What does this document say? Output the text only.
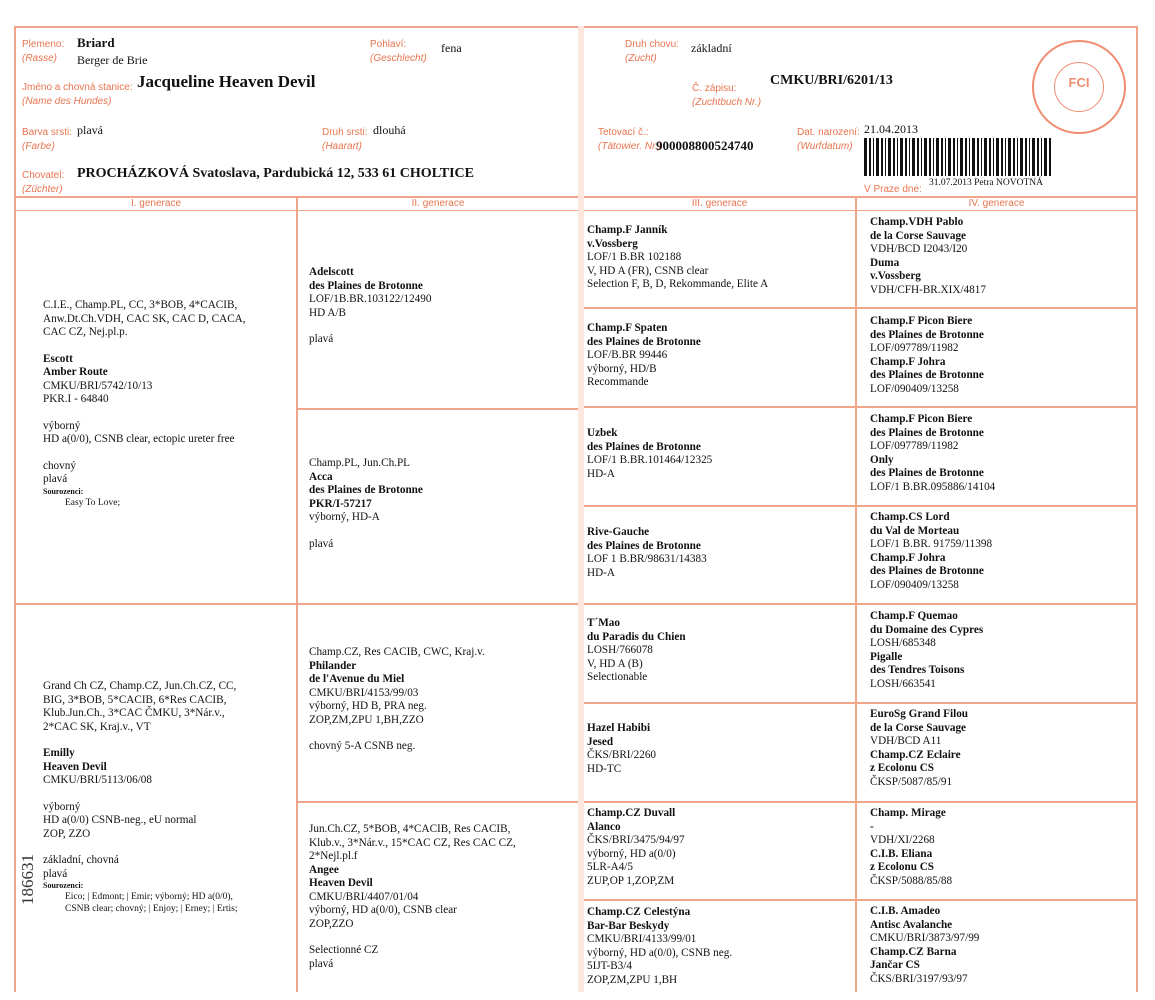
Plemeno:
(Rasse)
Briard
Berger de Brie
Pohlaví:
(Geschlecht)
fena	Druh chovu:
(Zucht)
základní
Jméno a chovná stanice:
(Name des Hundes)
Jacqueline Heaven Devil	Č. zápisu:
(Zuchtbuch Nr.)
CMKU/BRI/6201/13	FCI
Barva srsti:
(Farbe)
plavá	Druh srsti:
(Haarart)
dlouhá	Tetovací č.:
(Tätowier. Nr.)
900008800524740
Dat. narození:
(Wurfdatum)
21.04.2013
Chovatel:
(Züchter)
PROCHÁZKOVÁ Svatoslava, Pardubická 12, 533 61 CHOLTICE
V Praze dne:
31.07.2013 Petra NOVOTNÁ
I. generace	II. generace	III. generace	IV. generace
C.I.E., Champ.PL, CC, 3*BOB, 4*CACIB,
Anw.Dt.Ch.VDH, CAC SK, CAC D, CACA,
CAC CZ, Nej.pl.p.
Escott
Amber Route
CMKU/BRI/5742/10/13
PKR.I - 64840
výborný
HD a(0/0), CSNB clear, ectopic ureter free
chovný
plavá
Sourozenci:
Easy To Love;
Grand Ch CZ, Champ.CZ, Jun.Ch.CZ, CC,
BIG, 3*BOB, 5*CACIB, 6*Res CACIB,
Klub.Jun.Ch., 3*CAC ČMKU, 3*Nár.v.,
2*CAC SK, Kraj.v., VT
Emilly
Heaven Devil
CMKU/BRI/5113/06/08
výborný
HD a(0/0) CSNB-neg., eU normal
ZOP, ZZO
základní, chovná
plavá
Sourozenci:
Eico; | Edmont; | Emir; výborný; HD a(0/0),
CSNB clear; chovný; | Enjoy; | Erney; | Ertis;
186631
Adelscott
des Plaines de Brotonne
LOF/1B.BR.103122/12490
HD A/B
plavá
Champ.PL, Jun.Ch.PL
Acca
des Plaines de Brotonne
PKR/I-57217
výborný, HD-A
plavá
Champ.CZ, Res CACIB, CWC, Kraj.v.
Philander
de l'Avenue du Miel
CMKU/BRI/4153/99/03
výborný, HD B, PRA neg.
ZOP,ZM,ZPU 1,BH,ZZO
chovný 5-A CSNB neg.
Jun.Ch.CZ, 5*BOB, 4*CACIB, Res CACIB,
Klub.v., 3*Nár.v., 15*CAC CZ, Res CAC CZ,
2*Nejl.pl.f
Angee
Heaven Devil
CMKU/BRI/4407/01/04
výborný, HD a(0/0), CSNB clear
ZOP,ZZO
Selectionné CZ
plavá
Champ.F Janník
v.Vossberg
LOF/1 B.BR 102188
V, HD A (FR), CSNB clear
Selection F, B, D, Rekommande, Elite A
Champ.F Spaten
des Plaines de Brotonne
LOF/B.BR 99446
výborný, HD/B
Recommande
Uzbek
des Plaines de Brotonne
LOF/1 B.BR.101464/12325
HD-A
Rive-Gauche
des Plaines de Brotonne
LOF 1 B.BR/98631/14383
HD-A
T´Mao
du Paradis du Chien
LOSH/766078
V, HD A (B)
Selectionable
Hazel Habibi
Jesed
ČKS/BRI/2260
HD-TC
Champ.CZ Duvall
Alanco
ČKS/BRI/3475/94/97
výborný, HD a(0/0)
5LR-A4/5
ZUP,OP 1,ZOP,ZM
Champ.CZ Celestýna
Bar-Bar Beskydy
CMKU/BRI/4133/99/01
výborný, HD a(0/0), CSNB neg.
5IJT-B3/4
ZOP,ZM,ZPU 1,BH
Champ.VDH Pablo
de la Corse Sauvage
VDH/BCD I2043/I20
Duma
v.Vossberg
VDH/CFH-BR.XIX/4817
Champ.F Picon Biere
des Plaines de Brotonne
LOF/097789/11982
Champ.F Johra
des Plaines de Brotonne
LOF/090409/13258
Champ.F Picon Biere
des Plaines de Brotonne
LOF/097789/11982
Only
des Plaines de Brotonne
LOF/1 B.BR.095886/14104
Champ.CS Lord
du Val de Morteau
LOF/1 B.BR. 91759/11398
Champ.F Johra
des Plaines de Brotonne
LOF/090409/13258
Champ.F Quemao
du Domaine des Cypres
LOSH/685348
Pigalle
des Tendres Toisons
LOSH/663541
EuroSg Grand Filou
de la Corse Sauvage
VDH/BCD A11
Champ.CZ Eclaire
z Ecolonu CS
ČKSP/5087/85/91
Champ. Mirage
-
VDH/XI/2268
C.I.B. Eliana
z Ecolonu CS
ČKSP/5088/85/88
C.I.B. Amadeo
Antisc Avalanche
CMKU/BRI/3873/97/99
Champ.CZ Barna
Jančar CS
ČKS/BRI/3197/93/97
